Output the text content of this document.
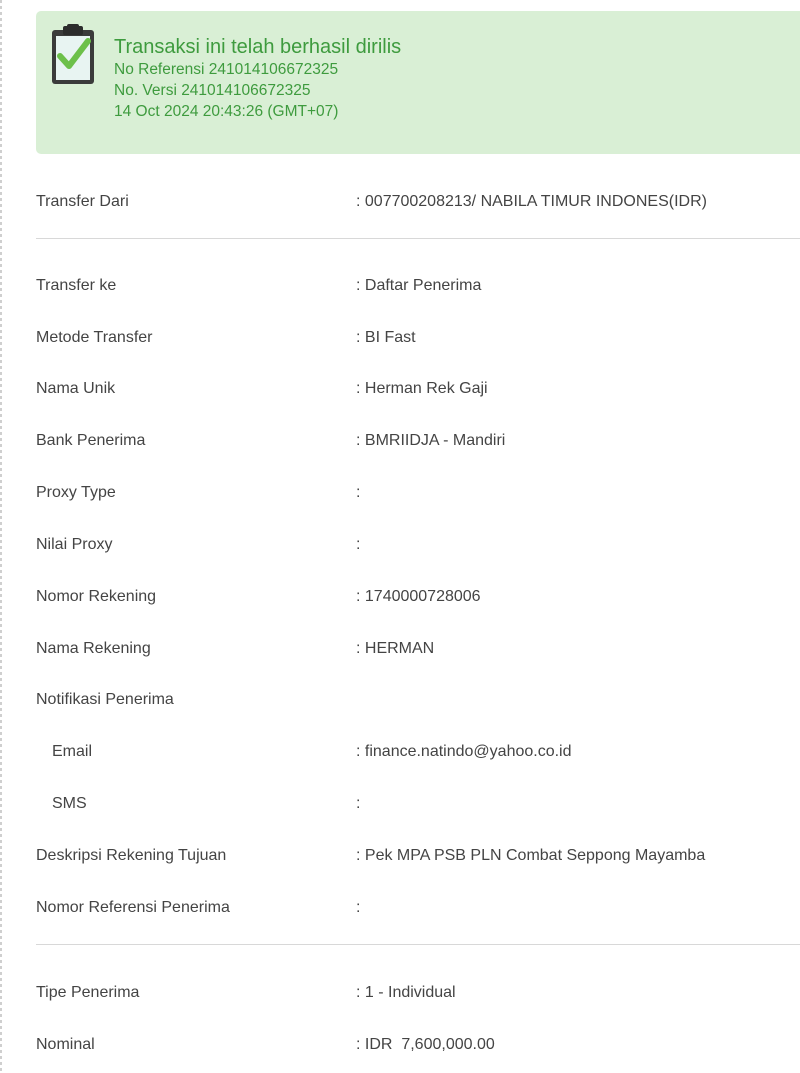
Transaksi ini telah berhasil dirilis
No Referensi 241014106672325
No. Versi 241014106672325
14 Oct 2024 20:43:26 (GMT+07)
Transfer Dari	: 007700208213/ NABILA TIMUR INDONES(IDR)
Transfer ke	: Daftar Penerima
Metode Transfer	: BI Fast
Nama Unik	: Herman Rek Gaji
Bank Penerima	: BMRIIDJA - Mandiri
Proxy Type	:
Nilai Proxy	:
Nomor Rekening	: 1740000728006
Nama Rekening	: HERMAN
Notifikasi Penerima
Email	: finance.natindo@yahoo.co.id
SMS	:
Deskripsi Rekening Tujuan	: Pek MPA PSB PLN Combat Seppong Mayamba
Nomor Referensi Penerima	:
Tipe Penerima	: 1 - Individual
Nominal	: IDR  7,600,000.00
